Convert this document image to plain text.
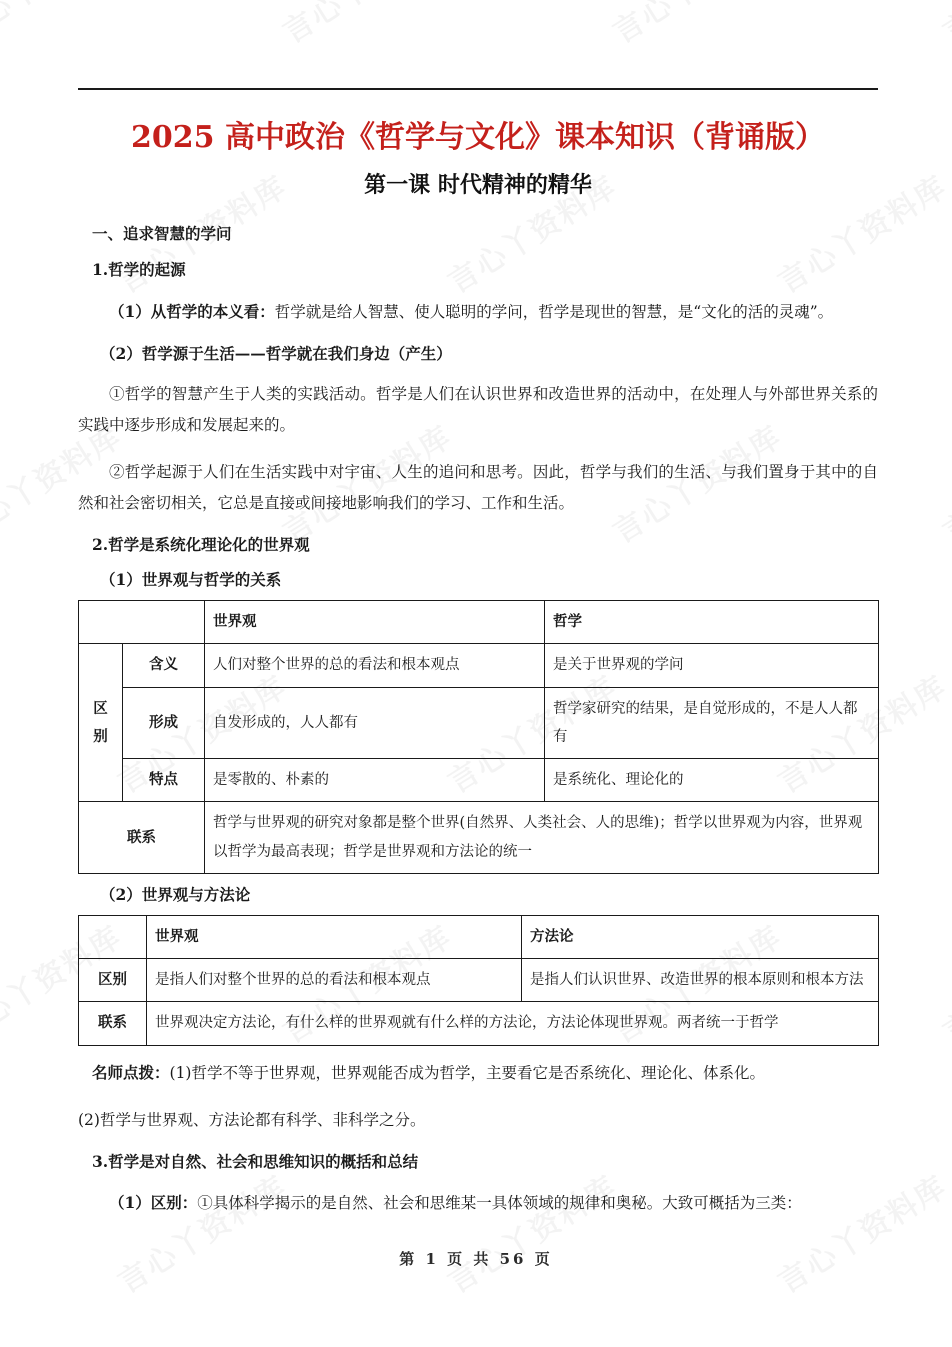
2025 高中政治《哲学与文化》课本知识（背诵版）
第一课 时代精神的精华

一、追求智慧的学问

1.哲学的起源

（1）从哲学的本义看：哲学就是给人智慧、使人聪明的学问，哲学是现世的智慧，是“文化的活的灵魂”。

（2）哲学源于生活——哲学就在我们身边（产生）

①哲学的智慧产生于人类的实践活动。哲学是人们在认识世界和改造世界的活动中，在处理人与外部世界关系的实践中逐步形成和发展起来的。

②哲学起源于人们在生活实践中对宇宙、人生的追问和思考。因此，哲学与我们的生活、与我们置身于其中的自然和社会密切相关，它总是直接或间接地影响我们的学习、工作和生活。

2.哲学是系统化理论化的世界观

（1）世界观与哲学的关系

		世界观	哲学
区别	含义	人们对整个世界的总的看法和根本观点	是关于世界观的学问
	形成	自发形成的，人人都有	哲学家研究的结果，是自觉形成的，不是人人都有
	特点	是零散的、朴素的	是系统化、理论化的
联系		哲学与世界观的研究对象都是整个世界(自然界、人类社会、人的思维)；哲学以世界观为内容，世界观以哲学为最高表现；哲学是世界观和方法论的统一	

（2）世界观与方法论

	世界观	方法论
区别	是指人们对整个世界的总的看法和根本观点	是指人们认识世界、改造世界的根本原则和根本方法
联系	世界观决定方法论，有什么样的世界观就有什么样的方法论，方法论体现世界观。两者统一于哲学	

名师点拨：(1)哲学不等于世界观，世界观能否成为哲学，主要看它是否系统化、理论化、体系化。

(2)哲学与世界观、方法论都有科学、非科学之分。

3.哲学是对自然、社会和思维知识的概括和总结

（1）区别：①具体科学揭示的是自然、社会和思维某一具体领域的规律和奥秘。大致可概括为三类：

第 1 页 共 56 页
